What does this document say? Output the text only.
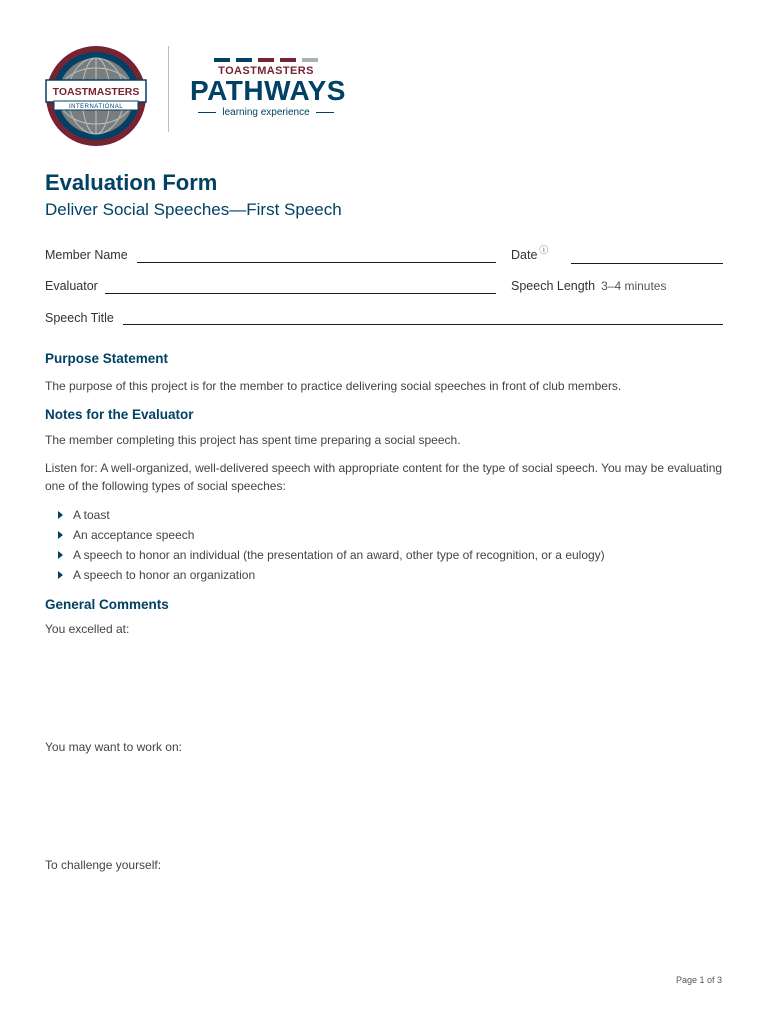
TOASTMASTERS
INTERNATIONAL
TOASTMASTERS
PATHWAYS
learning experience
Evaluation Form
Deliver Social Speeches—First Speech
Member Name	Date ⓘ
Evaluator	Speech Length 3–4 minutes
Speech Title
Purpose Statement
The purpose of this project is for the member to practice delivering social speeches in front of club members.
Notes for the Evaluator
The member completing this project has spent time preparing a social speech.
Listen for: A well-organized, well-delivered speech with appropriate content for the type of social speech. You may be evaluating one of the following types of social speeches:
A toast
An acceptance speech
A speech to honor an individual (the presentation of an award, other type of recognition, or a eulogy)
A speech to honor an organization
General Comments
You excelled at:
You may want to work on:
To challenge yourself:
Page 1 of 3
